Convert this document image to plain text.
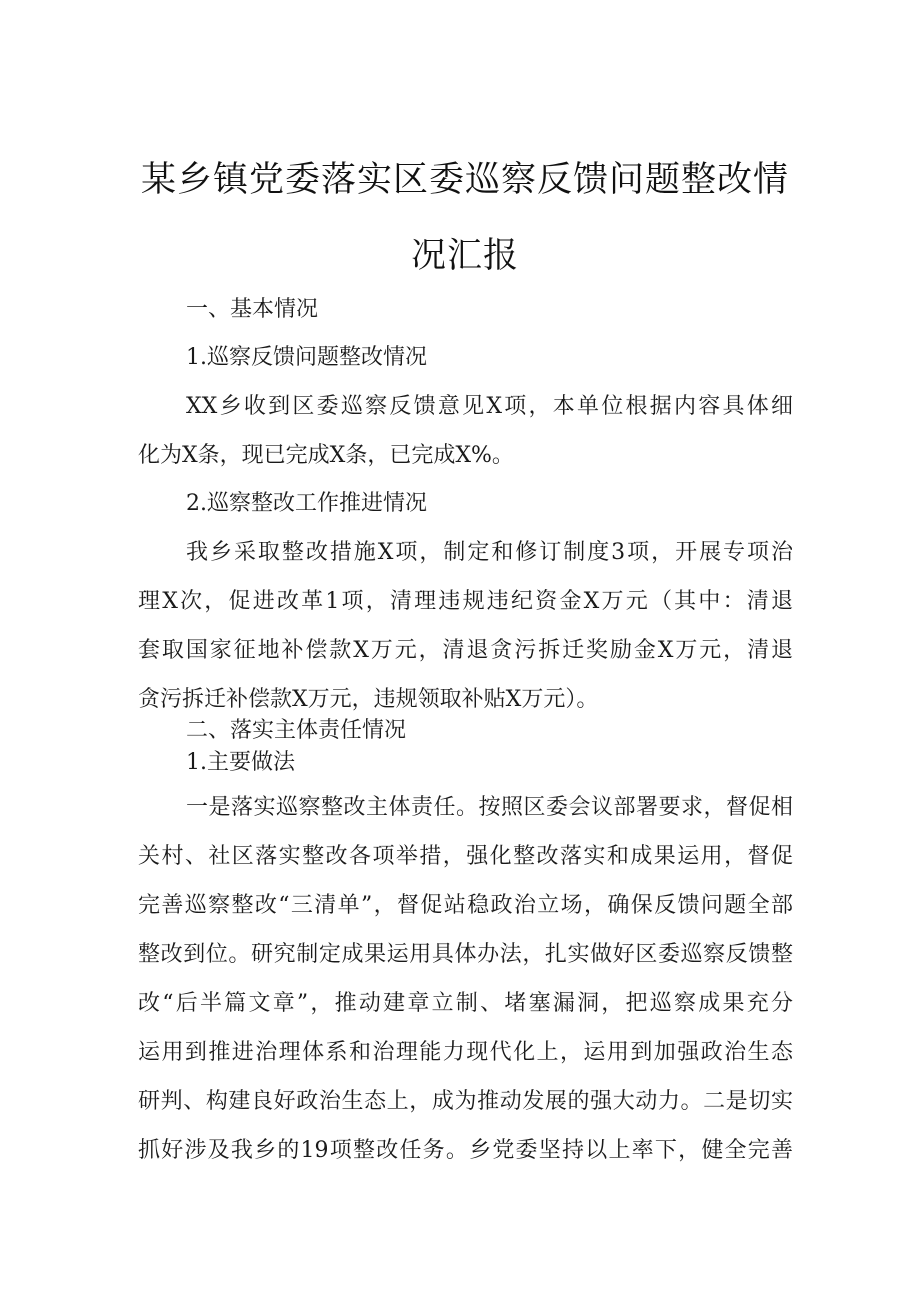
某乡镇党委落实区委巡察反馈问题整改情
况汇报
一、基本情况
1.巡察反馈问题整改情况
XX乡收到区委巡察反馈意见X项，本单位根据内容具体细
化为X条，现已完成X条，已完成X%。
2.巡察整改工作推进情况
我乡采取整改措施X项，制定和修订制度3项，开展专项治
理X次，促进改革1项，清理违规违纪资金X万元（其中：清退
套取国家征地补偿款X万元，清退贪污拆迁奖励金X万元，清退
贪污拆迁补偿款X万元，违规领取补贴X万元）。
二、落实主体责任情况
1.主要做法
一是落实巡察整改主体责任。按照区委会议部署要求，督促相
关村、社区落实整改各项举措，强化整改落实和成果运用，督促
完善巡察整改“三清单”，督促站稳政治立场，确保反馈问题全部
整改到位。研究制定成果运用具体办法，扎实做好区委巡察反馈整
改“后半篇文章”，推动建章立制、堵塞漏洞，把巡察成果充分
运用到推进治理体系和治理能力现代化上，运用到加强政治生态
研判、构建良好政治生态上，成为推动发展的强大动力。二是切实
抓好涉及我乡的19项整改任务。乡党委坚持以上率下，健全完善
